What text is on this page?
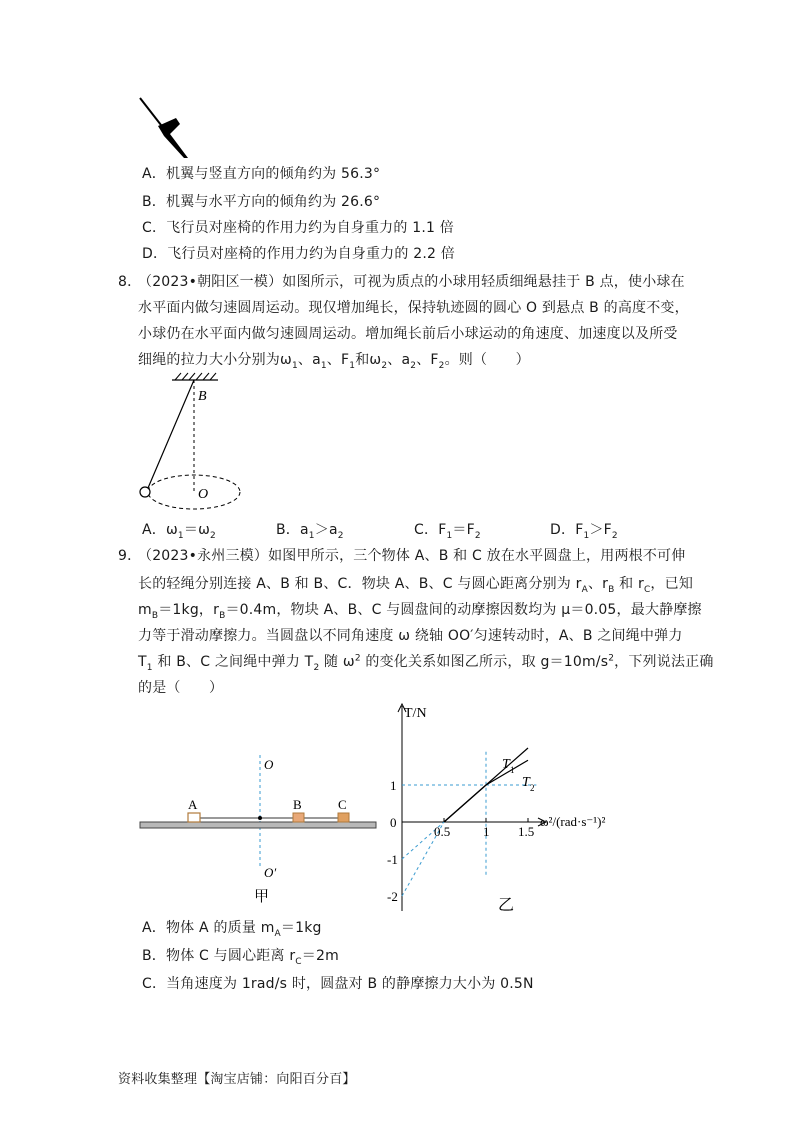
A．机翼与竖直方向的倾角约为 56.3°
B．机翼与水平方向的倾角约为 26.6°
C．飞行员对座椅的作用力约为自身重力的 1.1 倍
D．飞行员对座椅的作用力约为自身重力的 2.2 倍
8．
（2023•朝阳区一模）如图所示，可视为质点的小球用轻质细绳悬挂于 B 点，使小球在
水平面内做匀速圆周运动。现仅增加绳长，保持轨迹圆的圆心 O 到悬点 B 的高度不变，
小球仍在水平面内做匀速圆周运动。增加绳长前后小球运动的角速度、加速度以及所受
细绳的拉力大小分别为$\omega_1$、$a_1$、$F_1$和$\omega_2$、$a_2$、$F_2$。则（　　）
B
O
A．$\omega_1=\omega_2$	B．$a_1>a_2$	C．$F_1=F_2$	D．$F_1>F_2$
9．
（2023•永州三模）如图甲所示，三个物体 A、B 和 C 放在水平圆盘上，用两根不可伸
长的轻绳分别连接 A、B 和 B、C．物块 A、B、C 与圆心距离分别为 $r_A$、$r_B$ 和 $r_C$，已知
$m_B=1kg$，$r_B=0.4m$，物块 A、B、C 与圆盘间的动摩擦因数均为 μ＝0.05，最大静摩擦
力等于滑动摩擦力。当圆盘以不同角速度 ω 绕轴 OO′匀速转动时，A、B 之间绳中弹力
$T_1$ 和 B、C 之间绳中弹力 $T_2$ 随 $\omega^2$ 的变化关系如图乙所示，取 $g=10m/s^2$，下列说法正确
的是（　　）
O
O′
A	B	C
甲
T/N
ω²/(rad·s⁻¹)²
乙
T 1
T 2
0.5	1 1.5
1
0
-1
-2
A．物体 A 的质量 $m_A=1kg$
B．物体 C 与圆心距离 $r_C=2m$
C．当角速度为 1rad/s 时，圆盘对 B 的静摩擦力大小为 0.5N
资料收集整理【淘宝店铺：向阳百分百】
